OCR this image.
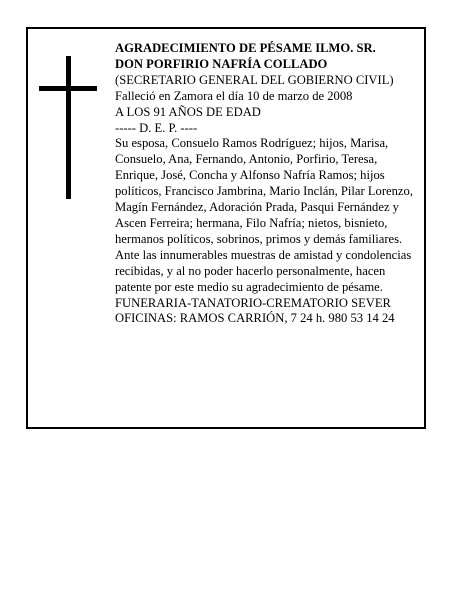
AGRADECIMIENTO DE PÉSAME ILMO. SR.

DON PORFIRIO NAFRÍA COLLADO

(SECRETARIO GENERAL DEL GOBIERNO CIVIL)

Falleció en Zamora el día 10 de marzo de 2008

A LOS 91 AÑOS DE EDAD

----- D. E. P. ----

Su esposa, Consuelo Ramos Rodríguez; hijos, Marisa, Consuelo, Ana, Fernando, Antonio, Porfirio, Teresa, Enrique, José, Concha y Alfonso Nafría Ramos; hijos políticos, Francisco Jambrina, Mario Inclán, Pilar Lorenzo, Magín Fernández, Adoración Prada, Pasqui Fernández y Ascen Ferreira; hermana, Filo Nafría; nietos, bisnieto, hermanos políticos, sobrinos, primos y demás familiares.

Ante las innumerables muestras de amistad y condolencias recibidas, y al no poder hacerlo personalmente, hacen patente por este medio su agradecimiento de pésame.

FUNERARIA-TANATORIO-CREMATORIO SEVER

OFICINAS: RAMOS CARRIÓN, 7 24 h. 980 53 14 24
